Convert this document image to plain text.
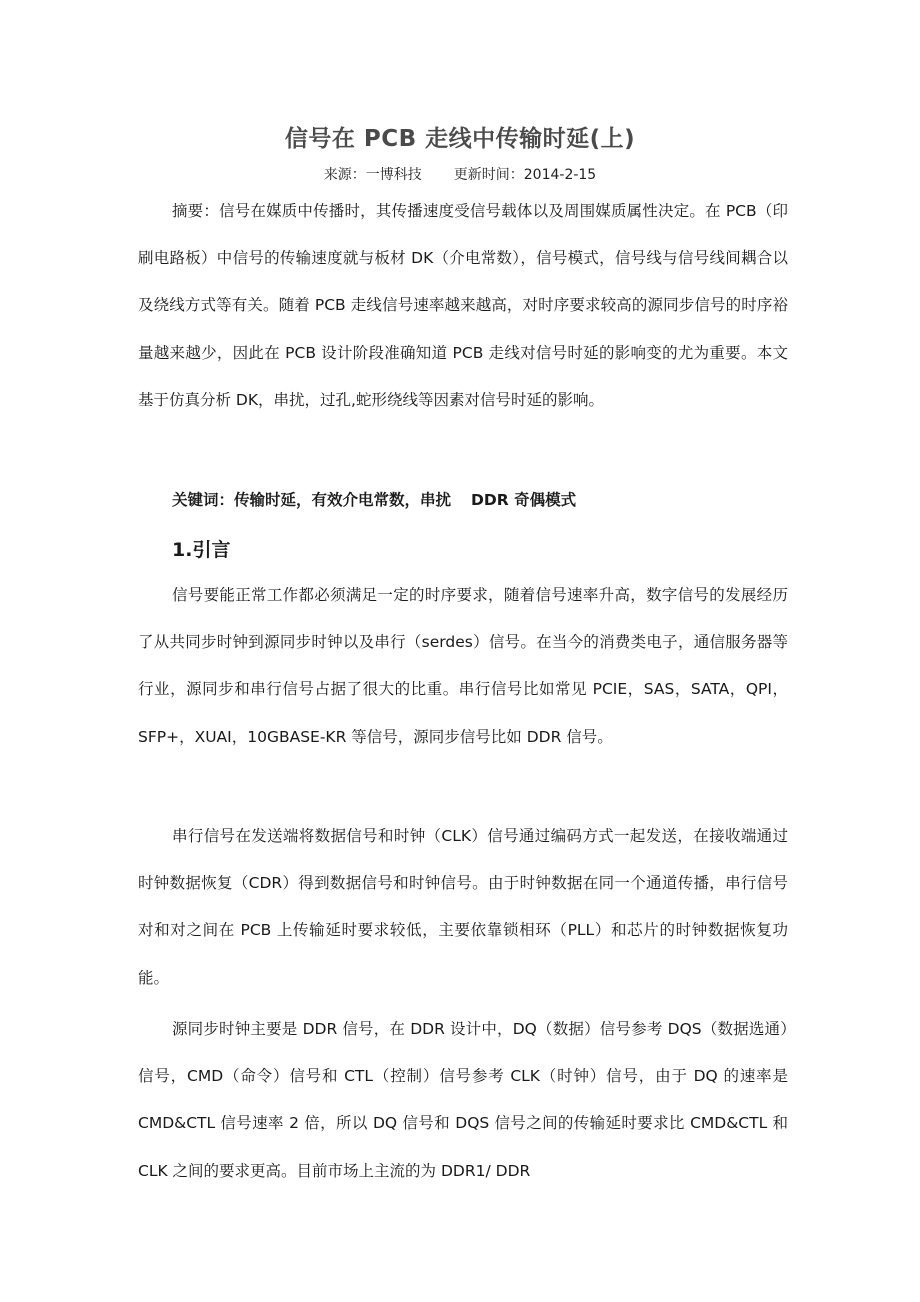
信号在 PCB 走线中传输时延(上)
来源：一博科技 更新时间：2014-2-15

摘要：信号在媒质中传播时，其传播速度受信号载体以及周围媒质属性决定。在 PCB（印刷电路板）中信号的传输速度就与板材 DK（介电常数），信号模式，信号线与信号线间耦合以及绕线方式等有关。随着 PCB 走线信号速率越来越高，对时序要求较高的源同步信号的时序裕量越来越少，因此在 PCB 设计阶段准确知道 PCB 走线对信号时延的影响变的尤为重要。本文基于仿真分析 DK，串扰，过孔,蛇形绕线等因素对信号时延的影响。

关键词：传输时延，有效介电常数，串扰 DDR 奇偶模式
1.引言

信号要能正常工作都必须满足一定的时序要求，随着信号速率升高，数字信号的发展经历了从共同步时钟到源同步时钟以及串行（serdes）信号。在当今的消费类电子，通信服务器等行业，源同步和串行信号占据了很大的比重。串行信号比如常见 PCIE，SAS，SATA，QPI，SFP+，XUAI，10GBASE-KR 等信号，源同步信号比如 DDR 信号。

串行信号在发送端将数据信号和时钟（CLK）信号通过编码方式一起发送，在接收端通过时钟数据恢复（CDR）得到数据信号和时钟信号。由于时钟数据在同一个通道传播，串行信号对和对之间在 PCB 上传输延时要求较低，主要依靠锁相环（PLL）和芯片的时钟数据恢复功能。

源同步时钟主要是 DDR 信号，在 DDR 设计中，DQ（数据）信号参考 DQS（数据选通）信号，CMD（命令）信号和 CTL（控制）信号参考 CLK（时钟）信号，由于 DQ 的速率是 CMD&CTL 信号速率 2 倍，所以 DQ 信号和 DQS 信号之间的传输延时要求比 CMD&CTL 和 CLK 之间的要求更高。目前市场上主流的为 DDR1/ DDR
